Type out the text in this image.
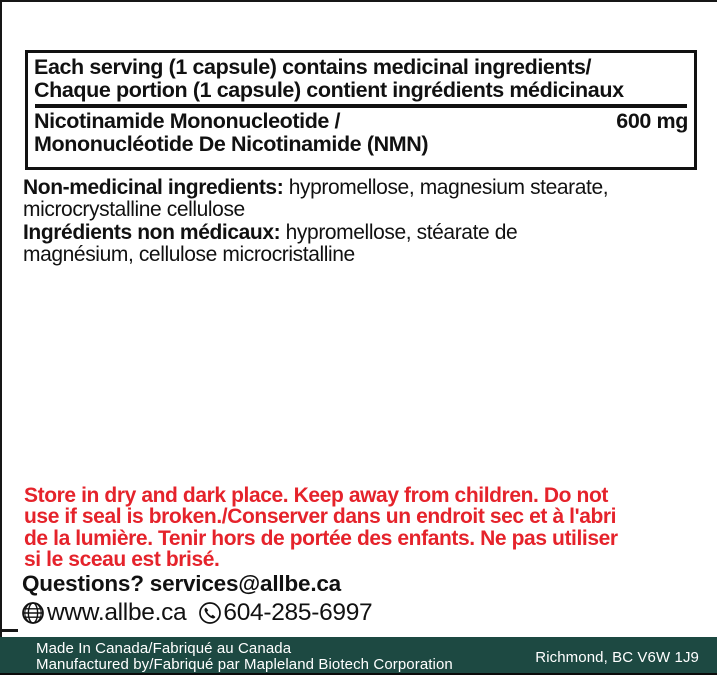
Each serving (1 capsule) contains medicinal ingredients/
Chaque portion (1 capsule) contient ingrédients médicinaux
Nicotinamide Mononucleotide /
Mononucléotide De Nicotinamide (NMN)
600 mg
Non-medicinal ingredients: hypromellose, magnesium stearate,
microcrystalline cellulose
Ingrédients non médicaux: hypromellose, stéarate de
magnésium, cellulose microcristalline
Store in dry and dark place. Keep away from children. Do not
use if seal is broken./Conserver dans un endroit sec et à l'abri
de la lumière. Tenir hors de portée des enfants. Ne pas utiliser
si le sceau est brisé.
Questions? services@allbe.ca
www.allbe.ca 604-285-6997
Made In Canada/Fabriqué au Canada
Manufactured by/Fabriqué par Mapleland Biotech Corporation	Richmond, BC V6W 1J9
